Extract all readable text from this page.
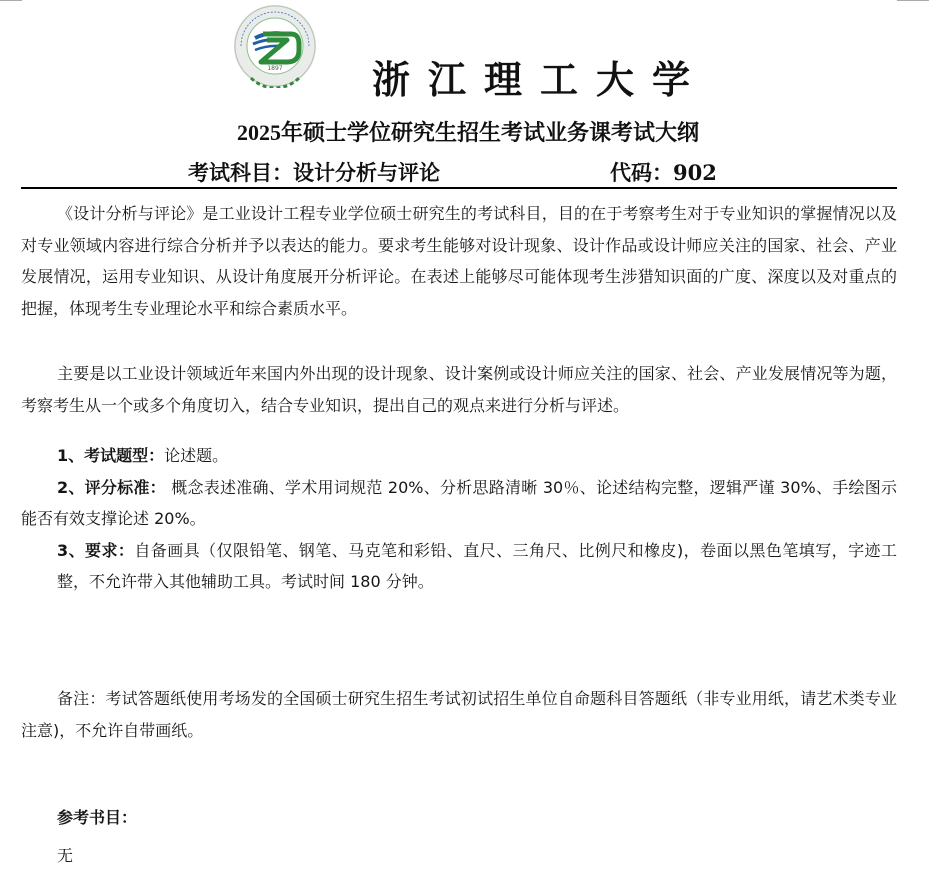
1897 浙江理工大学
2025年硕士学位研究生招生考试业务课考试大纲
考试科目：设计分析与评论	代码：902

《设计分析与评论》是工业设计工程专业学位硕士研究生的考试科目，目的在于考察考生对于专业知识的掌握情况以及对专业领域内容进行综合分析并予以表达的能力。要求考生能够对设计现象、设计作品或设计师应关注的国家、社会、产业发展情况，运用专业知识、从设计角度展开分析评论。在表述上能够尽可能体现考生涉猎知识面的广度、深度以及对重点的把握，体现考生专业理论水平和综合素质水平。

主要是以工业设计领域近年来国内外出现的设计现象、设计案例或设计师应关注的国家、社会、产业发展情况等为题，考察考生从一个或多个角度切入，结合专业知识，提出自己的观点来进行分析与评述。

1、考试题型：论述题。

2、评分标准： 概念表述准确、学术用词规范 20%、分析思路清晰 30％、论述结构完整，逻辑严谨 30%、手绘图示能否有效支撑论述 20%。

3、要求：自备画具（仅限铅笔、钢笔、马克笔和彩铅、直尺、三角尺、比例尺和橡皮)，卷面以黑色笔填写，字迹工整，不允许带入其他辅助工具。考试时间 180 分钟。

备注：考试答题纸使用考场发的全国硕士研究生招生考试初试招生单位自命题科目答题纸（非专业用纸，请艺术类专业注意)，不允许自带画纸。

参考书目：
无
